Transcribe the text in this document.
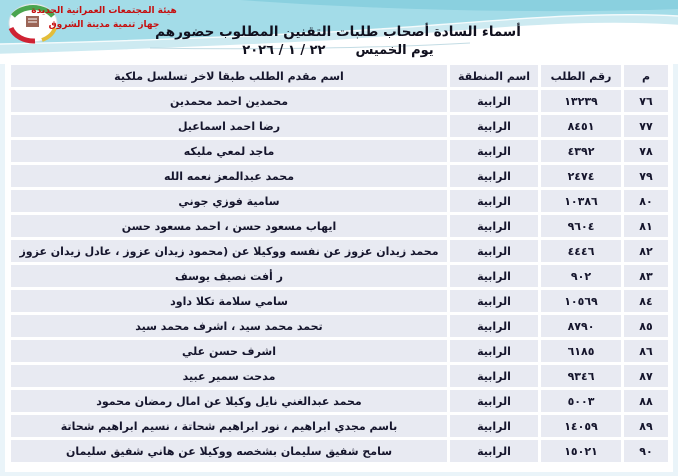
هيئة المجتمعات العمرانية الجديدة
جهاز تنمية مدينة الشروق
أسماء السادة أصحاب طلبات التقنين المطلوب حضورهم
يوم الخميس٢٢ / ١ / ٢٠٢٦
م	رقم الطلب	اسم المنطقة	اسم مقدم الطلب طبقا لاخر تسلسل ملكية
٧٦	١٣٢٣٩	الرابية	محمدين احمد محمدين
٧٧	٨٤٥١	الرابية	رضا احمد اسماعيل
٧٨	٤٣٩٢	الرابية	ماجد لمعي مليكه
٧٩	٢٤٧٤	الرابية	محمد عبدالمعز نعمه الله
٨٠	١٠٣٨٦	الرابية	سامية فوزي جوني
٨١	٩٦٠٤	الرابية	ايهاب مسعود حسن ، احمد مسعود حسن
٨٢	٤٤٤٦	الرابية	محمد زيدان عزوز عن نفسه ووكيلا عن (محمود زيدان عزوز ، عادل زيدان عزوز
٨٣	٩٠٢	الرابية	ر أفت نصيف يوسف
٨٤	١٠٥٦٩	الرابية	سامي سلامة تكلا داود
٨٥	٨٧٩٠	الرابية	تحمد محمد سيد ، اشرف محمد سيد
٨٦	٦١٨٥	الرابية	اشرف حسن علي
٨٧	٩٣٤٦	الرابية	مدحت سمير عبيد
٨٨	٥٠٠٣	الرابية	محمد عبدالغني نايل وكيلا عن امال رمضان محمود
٨٩	١٤٠٥٩	الرابية	باسم مجدي ابراهيم ، نور ابراهيم شحاتة ، نسيم ابراهيم شحاتة
٩٠	١٥٠٢١	الرابية	سامح شفيق سليمان بشخصه ووكيلا عن هاني شفيق سليمان
